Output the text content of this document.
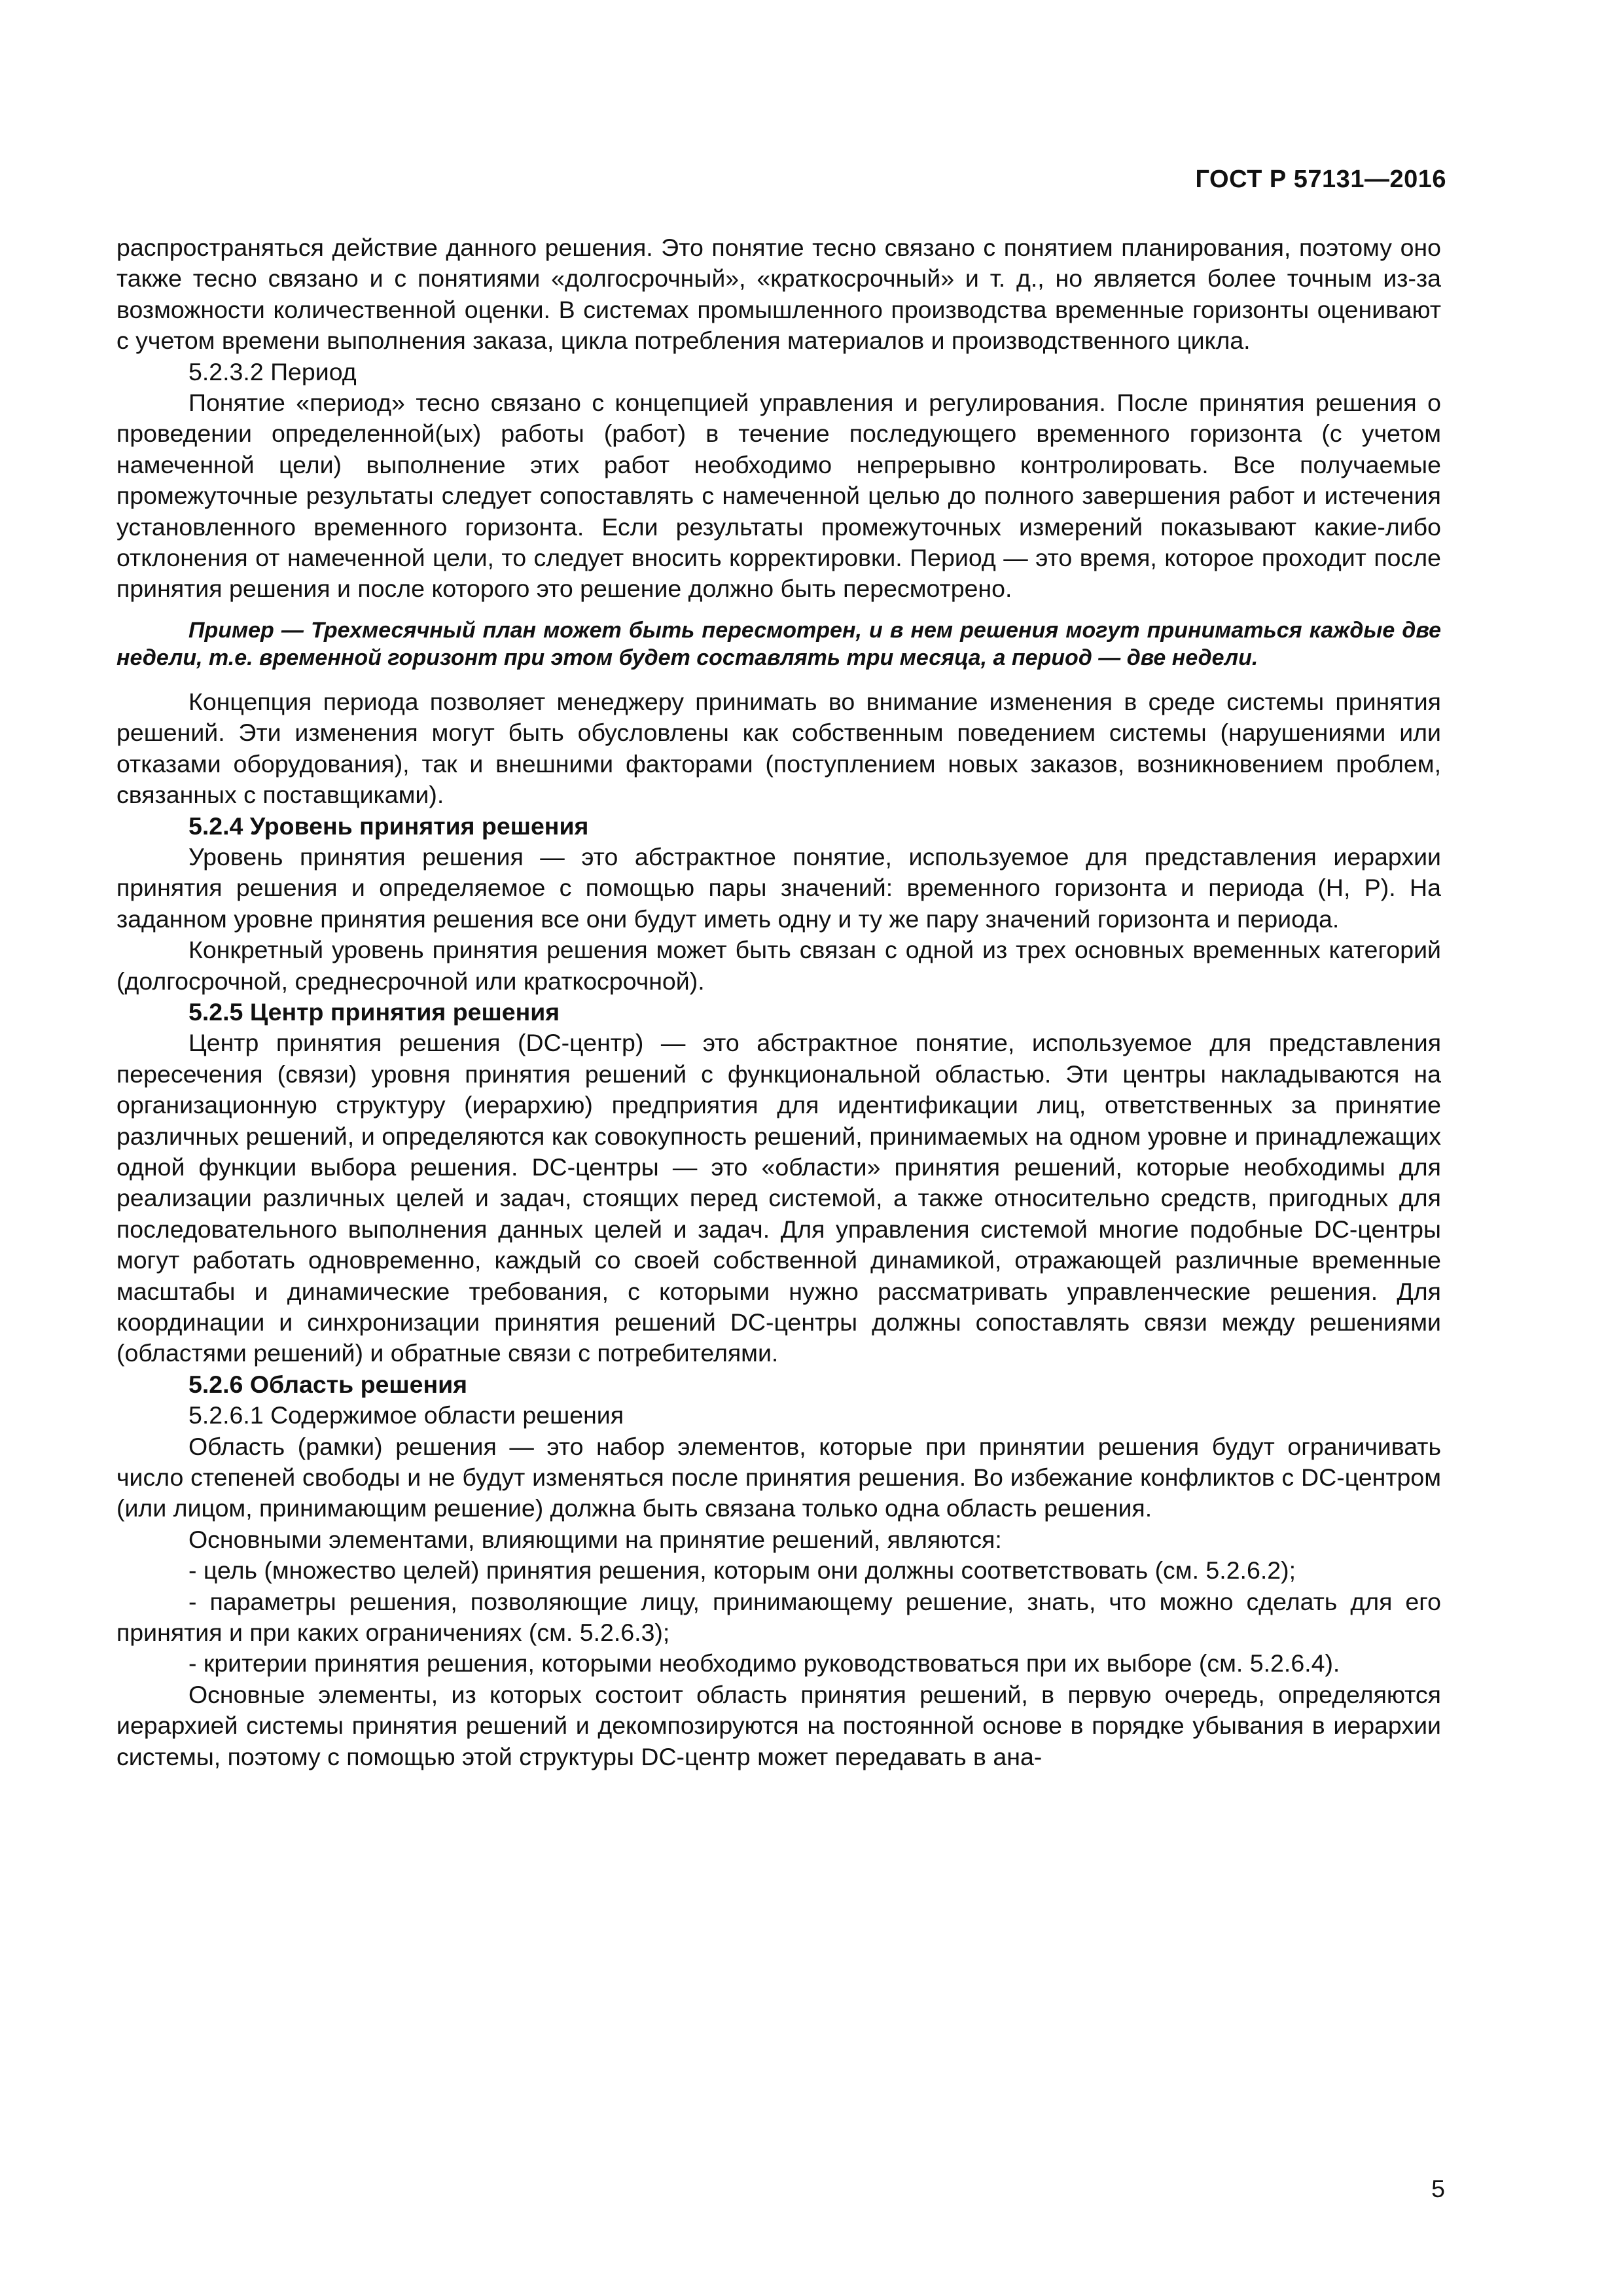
ГОСТ Р 57131—2016

распространяться действие данного решения. Это понятие тесно связано с понятием планирования, поэтому оно также тесно связано и с понятиями «долгосрочный», «краткосрочный» и т. д., но является более точным из-за возможности количественной оценки. В системах промышленного производства временные горизонты оценивают с учетом времени выполнения заказа, цикла потребления материалов и производственного цикла.

5.2.3.2 Период

Понятие «период» тесно связано с концепцией управления и регулирования. После принятия решения о проведении определенной(ых) работы (работ) в течение последующего временного горизонта (с учетом намеченной цели) выполнение этих работ необходимо непрерывно контролировать. Все получаемые промежуточные результаты следует сопоставлять с намеченной целью до полного завершения работ и истечения установленного временного горизонта. Если результаты промежуточных измерений показывают какие-либо отклонения от намеченной цели, то следует вносить корректировки. Период — это время, которое проходит после принятия решения и после которого это решение должно быть пересмотрено.

Пример — Трехмесячный план может быть пересмотрен, и в нем решения могут приниматься каждые две недели, т.е. временной горизонт при этом будет составлять три месяца, а период — две недели.

Концепция периода позволяет менеджеру принимать во внимание изменения в среде системы принятия решений. Эти изменения могут быть обусловлены как собственным поведением системы (нарушениями или отказами оборудования), так и внешними факторами (поступлением новых заказов, возникновением проблем, связанных с поставщиками).

5.2.4 Уровень принятия решения

Уровень принятия решения — это абстрактное понятие, используемое для представления иерархии принятия решения и определяемое с помощью пары значений: временного горизонта и периода (H, P). На заданном уровне принятия решения все они будут иметь одну и ту же пару значений горизонта и периода.

Конкретный уровень принятия решения может быть связан с одной из трех основных временных категорий (долгосрочной, среднесрочной или краткосрочной).

5.2.5 Центр принятия решения

Центр принятия решения (DC-центр) — это абстрактное понятие, используемое для представления пересечения (связи) уровня принятия решений с функциональной областью. Эти центры накладываются на организационную структуру (иерархию) предприятия для идентификации лиц, ответственных за принятие различных решений, и определяются как совокупность решений, принимаемых на одном уровне и принадлежащих одной функции выбора решения. DC-центры — это «области» принятия решений, которые необходимы для реализации различных целей и задач, стоящих перед системой, а также относительно средств, пригодных для последовательного выполнения данных целей и задач. Для управления системой многие подобные DC-центры могут работать одновременно, каждый со своей собственной динамикой, отражающей различные временные масштабы и динамические требования, с которыми нужно рассматривать управленческие решения. Для координации и синхронизации принятия решений DC-центры должны сопоставлять связи между решениями (областями решений) и обратные связи с потребителями.

5.2.6 Область решения

5.2.6.1 Содержимое области решения

Область (рамки) решения — это набор элементов, которые при принятии решения будут ограничивать число степеней свободы и не будут изменяться после принятия решения. Во избежание конфликтов с DC-центром (или лицом, принимающим решение) должна быть связана только одна область решения.

Основными элементами, влияющими на принятие решений, являются:

- цель (множество целей) принятия решения, которым они должны соответствовать (см. 5.2.6.2);

- параметры решения, позволяющие лицу, принимающему решение, знать, что можно сделать для его принятия и при каких ограничениях (см. 5.2.6.3);

- критерии принятия решения, которыми необходимо руководствоваться при их выборе (см. 5.2.6.4).

Основные элементы, из которых состоит область принятия решений, в первую очередь, определяются иерархией системы принятия решений и декомпозируются на постоянной основе в порядке убывания в иерархии системы, поэтому с помощью этой структуры DC-центр может передавать в ана-

5
